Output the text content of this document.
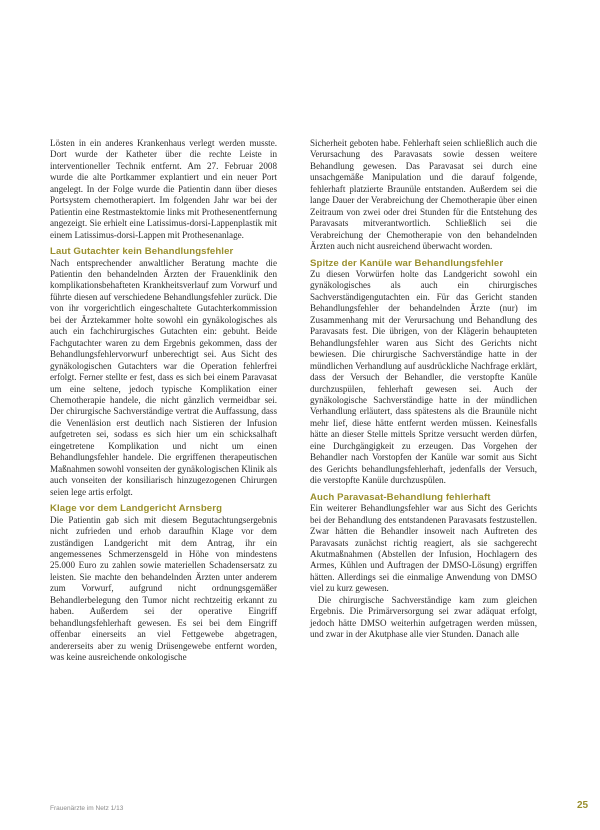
Lösten in ein anderes Krankenhaus verlegt werden musste. Dort wurde der Katheter über die rechte Leiste in interventioneller Technik entfernt. Am 27. Februar 2008 wurde die alte Portkammer explantiert und ein neuer Port angelegt. In der Folge wurde die Patientin dann über dieses Portsystem chemotherapiert. Im folgenden Jahr war bei der Patientin eine Restmastektomie links mit Prothesenentfernung angezeigt. Sie erhielt eine Latissimus-dorsi-Lappenplastik mit einem Latissimus-dorsi-Lappen mit Prothesenanlage.

Laut Gutachter kein Behandlungsfehler

Nach entsprechender anwaltlicher Beratung machte die Patientin den behandelnden Ärzten der Frauenklinik den komplikationsbehafteten Krankheitsverlauf zum Vorwurf und führte diesen auf verschiedene Behandlungsfehler zurück. Die von ihr vorgerichtlich eingeschaltete Gutachterkommission bei der Ärztekammer holte sowohl ein gynäkologisches als auch ein fachchirurgisches Gutachten ein: gebuht. Beide Fachgutachter waren zu dem Ergebnis gekommen, dass der Behandlungsfehlervorwurf unberechtigt sei. Aus Sicht des gynäkologischen Gutachters war die Operation fehlerfrei erfolgt. Ferner stellte er fest, dass es sich bei einem Paravasat um eine seltene, jedoch typische Komplikation einer Chemotherapie handele, die nicht gänzlich vermeidbar sei. Der chirurgische Sachverständige vertrat die Auffassung, dass die Venenläsion erst deutlich nach Sistieren der Infusion aufgetreten sei, sodass es sich hier um ein schicksalhaft eingetretene Komplikation und nicht um einen Behandlungsfehler handele. Die ergriffenen therapeutischen Maßnahmen sowohl vonseiten der gynäkologischen Klinik als auch vonseiten der konsiliarisch hinzugezogenen Chirurgen seien lege artis erfolgt.

Klage vor dem Landgericht Arnsberg

Die Patientin gab sich mit diesem Begutachtungsergebnis nicht zufrieden und erhob daraufhin Klage vor dem zuständigen Landgericht mit dem Antrag, ihr ein angemessenes Schmerzensgeld in Höhe von mindestens 25.000 Euro zu zahlen sowie materiellen Schadensersatz zu leisten. Sie machte den behandelnden Ärzten unter anderem zum Vorwurf, aufgrund nicht ordnungsgemäßer Behandlerbelegung den Tumor nicht rechtzeitig erkannt zu haben. Außerdem sei der operative Eingriff behandlungsfehlerhaft gewesen. Es sei bei dem Eingriff offenbar einerseits an viel Fettgewebe abgetragen, andererseits aber zu wenig Drüsengewebe entfernt worden, was keine ausreichende onkologische

Sicherheit geboten habe. Fehlerhaft seien schließlich auch die Verursachung des Paravasats sowie dessen weitere Behandlung gewesen. Das Paravasat sei durch eine unsachgemäße Manipulation und die darauf folgende, fehlerhaft platzierte Braunüle entstanden. Außerdem sei die lange Dauer der Verabreichung der Chemotherapie über einen Zeitraum von zwei oder drei Stunden für die Entstehung des Paravasats mitverantwortlich. Schließlich sei die Verabreichung der Chemotherapie von den behandelnden Ärzten auch nicht ausreichend überwacht worden.

Spitze der Kanüle war Behandlungsfehler

Zu diesen Vorwürfen holte das Landgericht sowohl ein gynäkologisches als auch ein chirurgisches Sachverständigengutachten ein. Für das Gericht standen Behandlungsfehler der behandelnden Ärzte (nur) im Zusammenhang mit der Verursachung und Behandlung des Paravasats fest. Die übrigen, von der Klägerin behaupteten Behandlungsfehler waren aus Sicht des Gerichts nicht bewiesen. Die chirurgische Sachverständige hatte in der mündlichen Verhandlung auf ausdrückliche Nachfrage erklärt, dass der Versuch der Behandler, die verstopfte Kanüle durchzuspülen, fehlerhaft gewesen sei. Auch der gynäkologische Sachverständige hatte in der mündlichen Verhandlung erläutert, dass spätestens als die Braunüle nicht mehr lief, diese hätte entfernt werden müssen. Keinesfalls hätte an dieser Stelle mittels Spritze versucht werden dürfen, eine Durchgängigkeit zu erzeugen. Das Vorgehen der Behandler nach Vorstopfen der Kanüle war somit aus Sicht des Gerichts behandlungsfehlerhaft, jedenfalls der Versuch, die verstopfte Kanüle durchzuspülen.

Auch Paravasat-Behandlung fehlerhaft

Ein weiterer Behandlungsfehler war aus Sicht des Gerichts bei der Behandlung des entstandenen Paravasats festzustellen. Zwar hätten die Behandler insoweit nach Auftreten des Paravasats zunächst richtig reagiert, als sie sachgerecht Akutmaßnahmen (Abstellen der Infusion, Hochlagern des Armes, Kühlen und Auftragen der DMSO-Lösung) ergriffen hätten. Allerdings sei die einmalige Anwendung von DMSO viel zu kurz gewesen.

Die chirurgische Sachverständige kam zum gleichen Ergebnis. Die Primärversorgung sei zwar adäquat erfolgt, jedoch hätte DMSO weiterhin aufgetragen werden müssen, und zwar in der Akutphase alle vier Stunden. Danach alle

Frauenärzte im Netz 1/13	25
